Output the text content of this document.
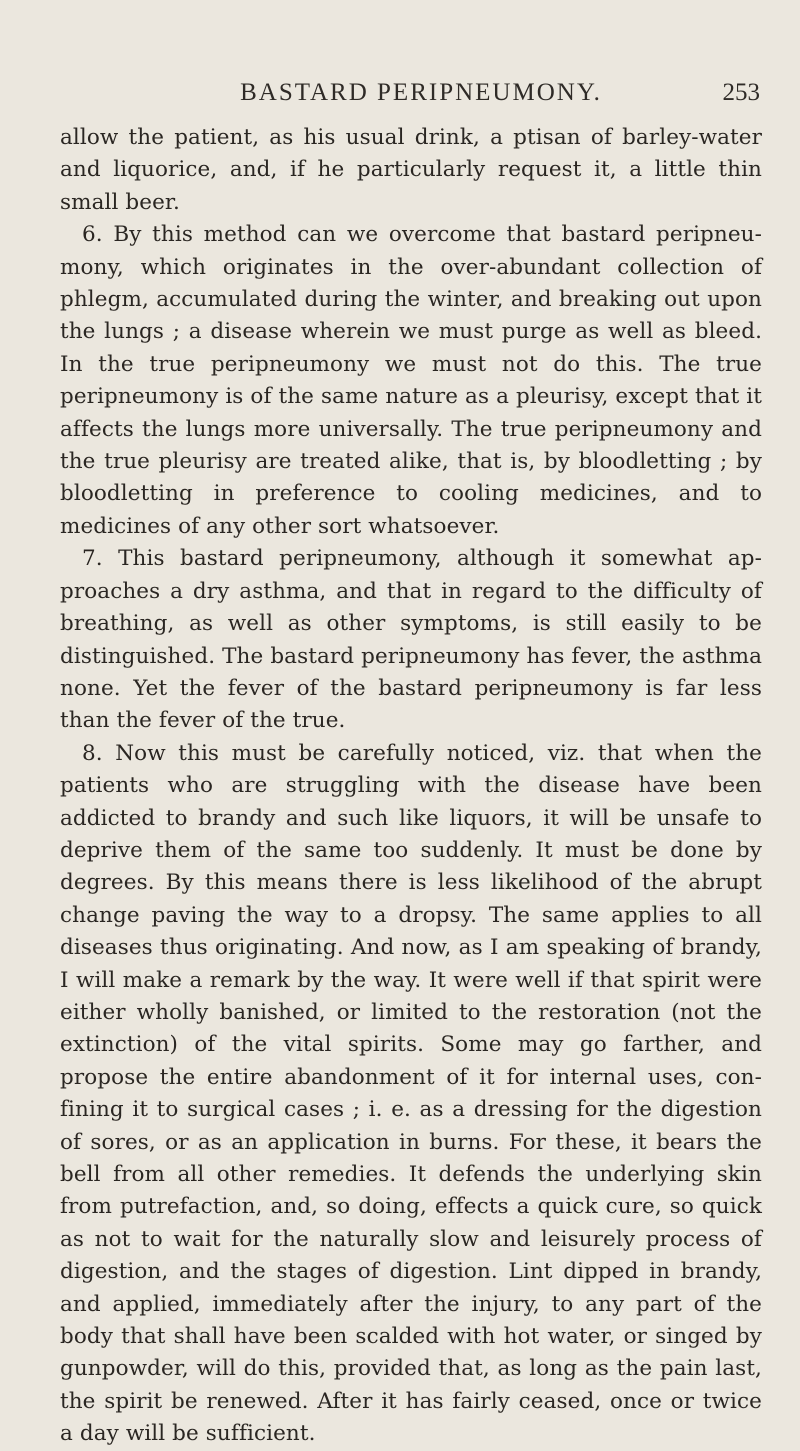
BASTARD PERIPNEUMONY.	253

allow the patient, as his usual drink, a ptisan of barley-water and liquorice, and, if he particularly request it, a little thin small beer.

6. By this method can we overcome that bastard peripneu-mony, which originates in the over-abundant collection of phlegm, accumulated during the winter, and breaking out upon the lungs ; a disease wherein we must purge as well as bleed. In the true peripneumony we must not do this. The true peripneumony is of the same nature as a pleurisy, except that it affects the lungs more universally. The true peripneumony and the true pleurisy are treated alike, that is, by bloodletting ; by bloodletting in preference to cooling medicines, and to medicines of any other sort whatsoever.

7. This bastard peripneumony, although it somewhat ap-proaches a dry asthma, and that in regard to the difficulty of breathing, as well as other symptoms, is still easily to be distinguished. The bastard peripneumony has fever, the asthma none. Yet the fever of the bastard peripneumony is far less than the fever of the true.

8. Now this must be carefully noticed, viz. that when the patients who are struggling with the disease have been addicted to brandy and such like liquors, it will be unsafe to deprive them of the same too suddenly. It must be done by degrees. By this means there is less likelihood of the abrupt change paving the way to a dropsy. The same applies to all diseases thus originating. And now, as I am speaking of brandy, I will make a remark by the way. It were well if that spirit were either wholly banished, or limited to the restoration (not the extinction) of the vital spirits. Some may go farther, and propose the entire abandonment of it for internal uses, con-fining it to surgical cases ; i. e. as a dressing for the digestion of sores, or as an application in burns. For these, it bears the bell from all other remedies. It defends the underlying skin from putrefaction, and, so doing, effects a quick cure, so quick as not to wait for the naturally slow and leisurely process of digestion, and the stages of digestion. Lint dipped in brandy, and applied, immediately after the injury, to any part of the body that shall have been scalded with hot water, or singed by gunpowder, will do this, provided that, as long as the pain last, the spirit be renewed. After it has fairly ceased, once or twice a day will be sufficient.
